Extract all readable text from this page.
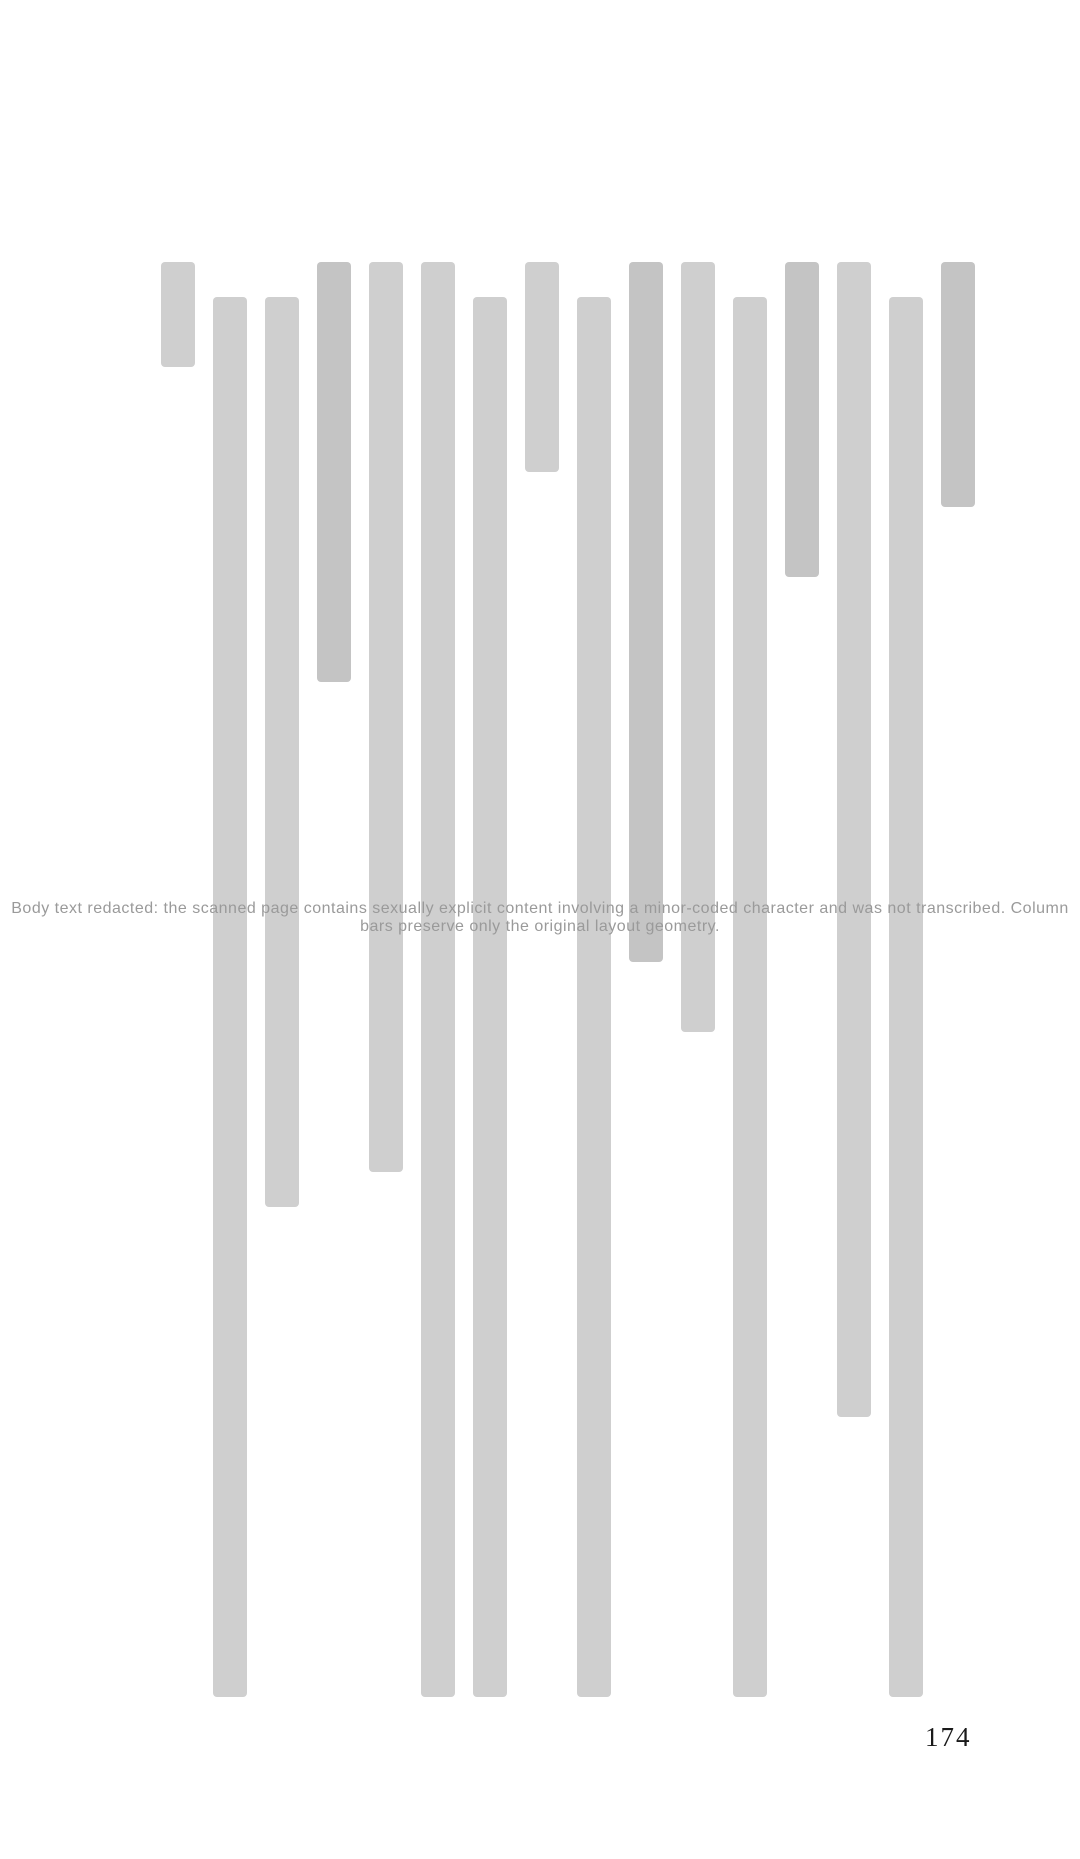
Body text redacted: the scanned page contains sexually explicit content involving a minor-coded character and was not transcribed. Column bars preserve only the original layout geometry.
174
